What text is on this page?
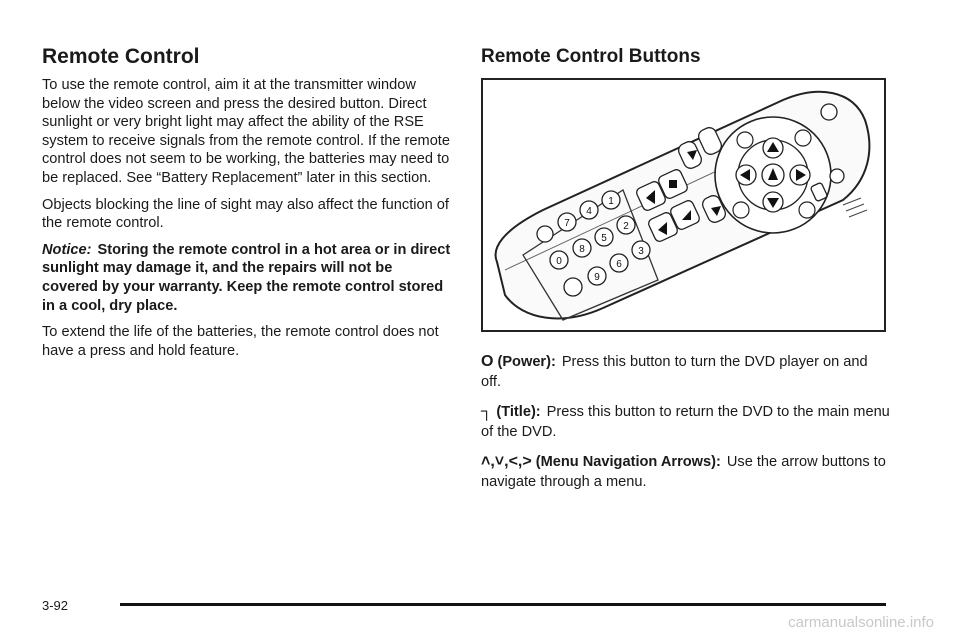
Remote Control

To use the remote control, aim it at the transmitter window below the video screen and press the desired button. Direct sunlight or very bright light may affect the ability of the RSE system to receive signals from the remote control. If the remote control does not seem to be working, the batteries may need to be replaced. See “Battery Replacement” later in this section.

Objects blocking the line of sight may also affect the function of the remote control.

Notice: Storing the remote control in a hot area or in direct sunlight may damage it, and the repairs will not be covered by your warranty. Keep the remote control stored in a cool, dry place.

To extend the life of the batteries, the remote control does not have a press and hold feature.

Remote Control Buttons
1
2
3
4
5
6
7
8
9
0
O (Power): Press this button to turn the DVD player on and off.
┐ (Title): Press this button to return the DVD to the main menu of the DVD.
˄,˅,˂,˃ (Menu Navigation Arrows): Use the arrow buttons to navigate through a menu.
3-92
carmanualsonline.info
